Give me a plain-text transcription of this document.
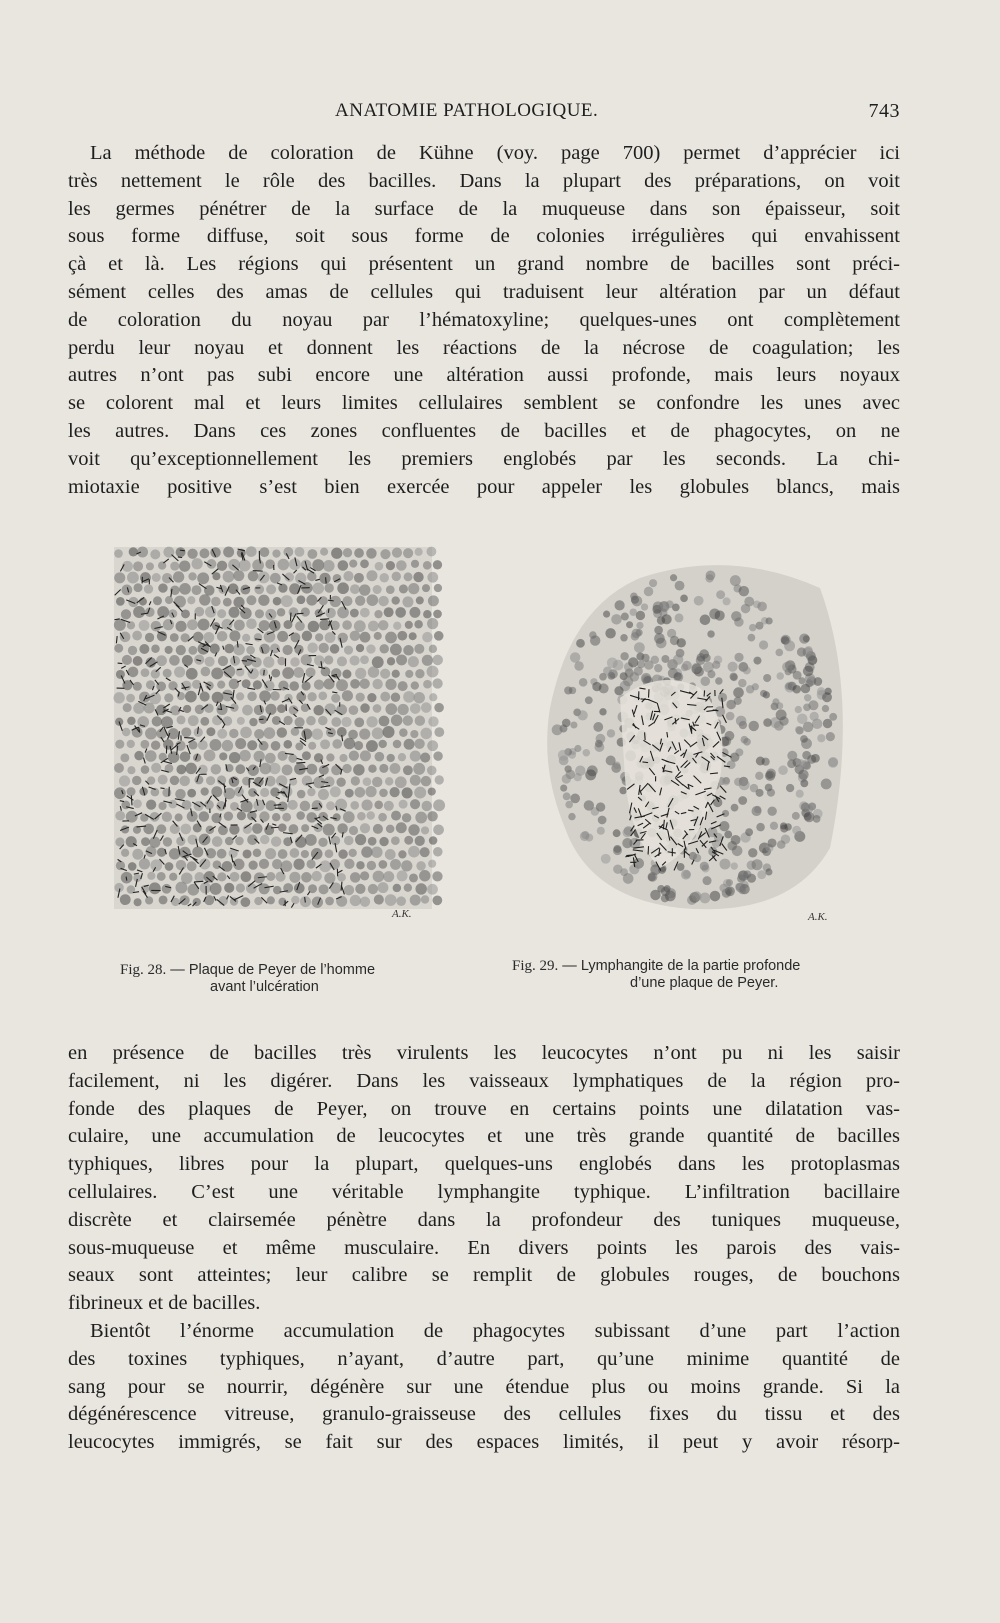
ANATOMIE PATHOLOGIQUE.	743
La méthode de coloration de Kühne (voy. page 700) permet d’apprécier ici
très nettement le rôle des bacilles. Dans la plupart des préparations, on voit
les germes pénétrer de la surface de la muqueuse dans son épaisseur, soit
sous forme diffuse, soit sous forme de colonies irrégulières qui envahissent
çà et là. Les régions qui présentent un grand nombre de bacilles sont préci-
sément celles des amas de cellules qui traduisent leur altération par un défaut
de coloration du noyau par l’hématoxyline; quelques-unes ont complètement
perdu leur noyau et donnent les réactions de la nécrose de coagulation; les
autres n’ont pas subi encore une altération aussi profonde, mais leurs noyaux
se colorent mal et leurs limites cellulaires semblent se confondre les unes avec
les autres. Dans ces zones confluentes de bacilles et de phagocytes, on ne
voit qu’exceptionnellement les premiers englobés par les seconds. La chi-
miotaxie positive s’est bien exercée pour appeler les globules blancs, mais
A.K.	A.K.
Fig. 28. — Plaque de Peyer de l’homme
avant l’ulcération
Fig. 29. — Lymphangite de la partie profonde
d’une plaque de Peyer.
en présence de bacilles très virulents les leucocytes n’ont pu ni les saisir
facilement, ni les digérer. Dans les vaisseaux lymphatiques de la région pro-
fonde des plaques de Peyer, on trouve en certains points une dilatation vas-
culaire, une accumulation de leucocytes et une très grande quantité de bacilles
typhiques, libres pour la plupart, quelques-uns englobés dans les protoplasmas
cellulaires. C’est une véritable lymphangite typhique. L’infiltration bacillaire
discrète et clairsemée pénètre dans la profondeur des tuniques muqueuse,
sous-muqueuse et même musculaire. En divers points les parois des vais-
seaux sont atteintes; leur calibre se remplit de globules rouges, de bouchons
fibrineux et de bacilles.
Bientôt l’énorme accumulation de phagocytes subissant d’une part l’action
des toxines typhiques, n’ayant, d’autre part, qu’une minime quantité de
sang pour se nourrir, dégénère sur une étendue plus ou moins grande. Si la
dégénérescence vitreuse, granulo-graisseuse des cellules fixes du tissu et des
leucocytes immigrés, se fait sur des espaces limités, il peut y avoir résorp-
